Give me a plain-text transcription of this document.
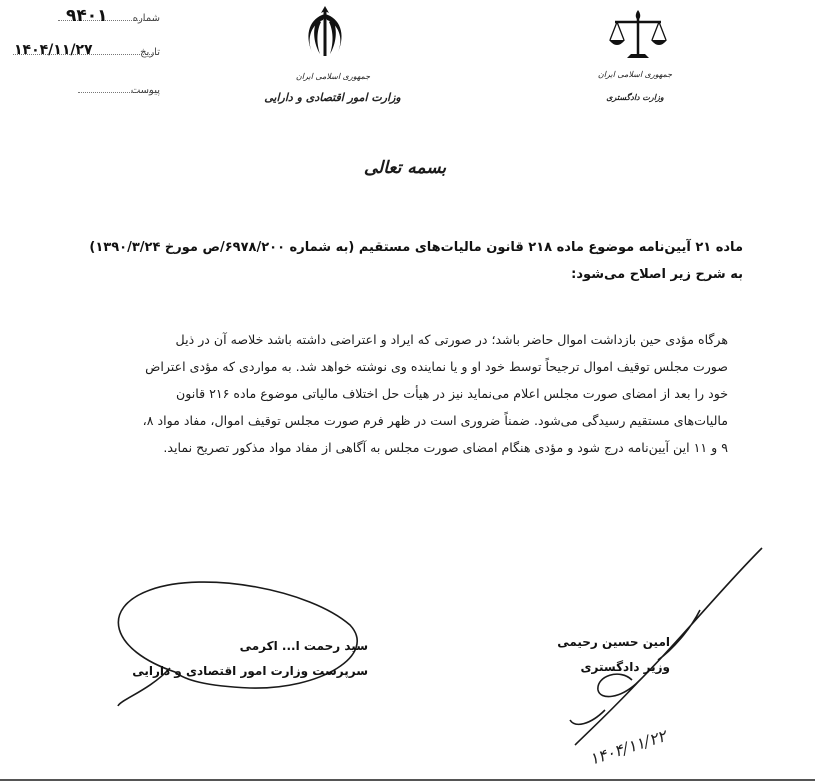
۹۴۰۱	شماره
۱۴۰۴/۱۱/۲۷	تاریخ
پیوست
جمهوری اسلامی ایران
وزارت امور اقتصادی و دارایی
جمهوری اسلامی ایران
وزارت دادگستری
بسمه تعالی
ماده ۲۱ آیین‌نامه موضوع ماده ۲۱۸ قانون مالیات‌های مستقیم (به شماره ۶۹۷۸/۲۰۰/ص مورخ ۱۳۹۰/۳/۲۴)
به شرح زیر اصلاح می‌شود:
هرگاه مؤدی حین بازداشت اموال حاضر باشد؛ در صورتی که ایراد و اعتراضی داشته باشد خلاصه آن در ذیل
صورت مجلس توقیف اموال ترجیحاً توسط خود او و یا نماینده وی نوشته خواهد شد. به مواردی که مؤدی اعتراض
خود را بعد از امضای صورت مجلس اعلام می‌نماید نیز در هیأت حل اختلاف مالیاتی موضوع ماده ۲۱۶ قانون
مالیات‌های مستقیم رسیدگی می‌شود. ضمناً ضروری است در ظهر فرم صورت مجلس توقیف اموال، مفاد مواد ۸،
۹ و ۱۱ این آیین‌نامه درج شود و مؤدی هنگام امضای صورت مجلس به آگاهی از مفاد مواد مذکور تصریح نماید.
سید رحمت ا... اکرمی
سرپرست وزارت امور اقتصادی و دارایی
امین حسین رحیمی
وزیر دادگستری
۱۴۰۴/۱۱/۲۲
